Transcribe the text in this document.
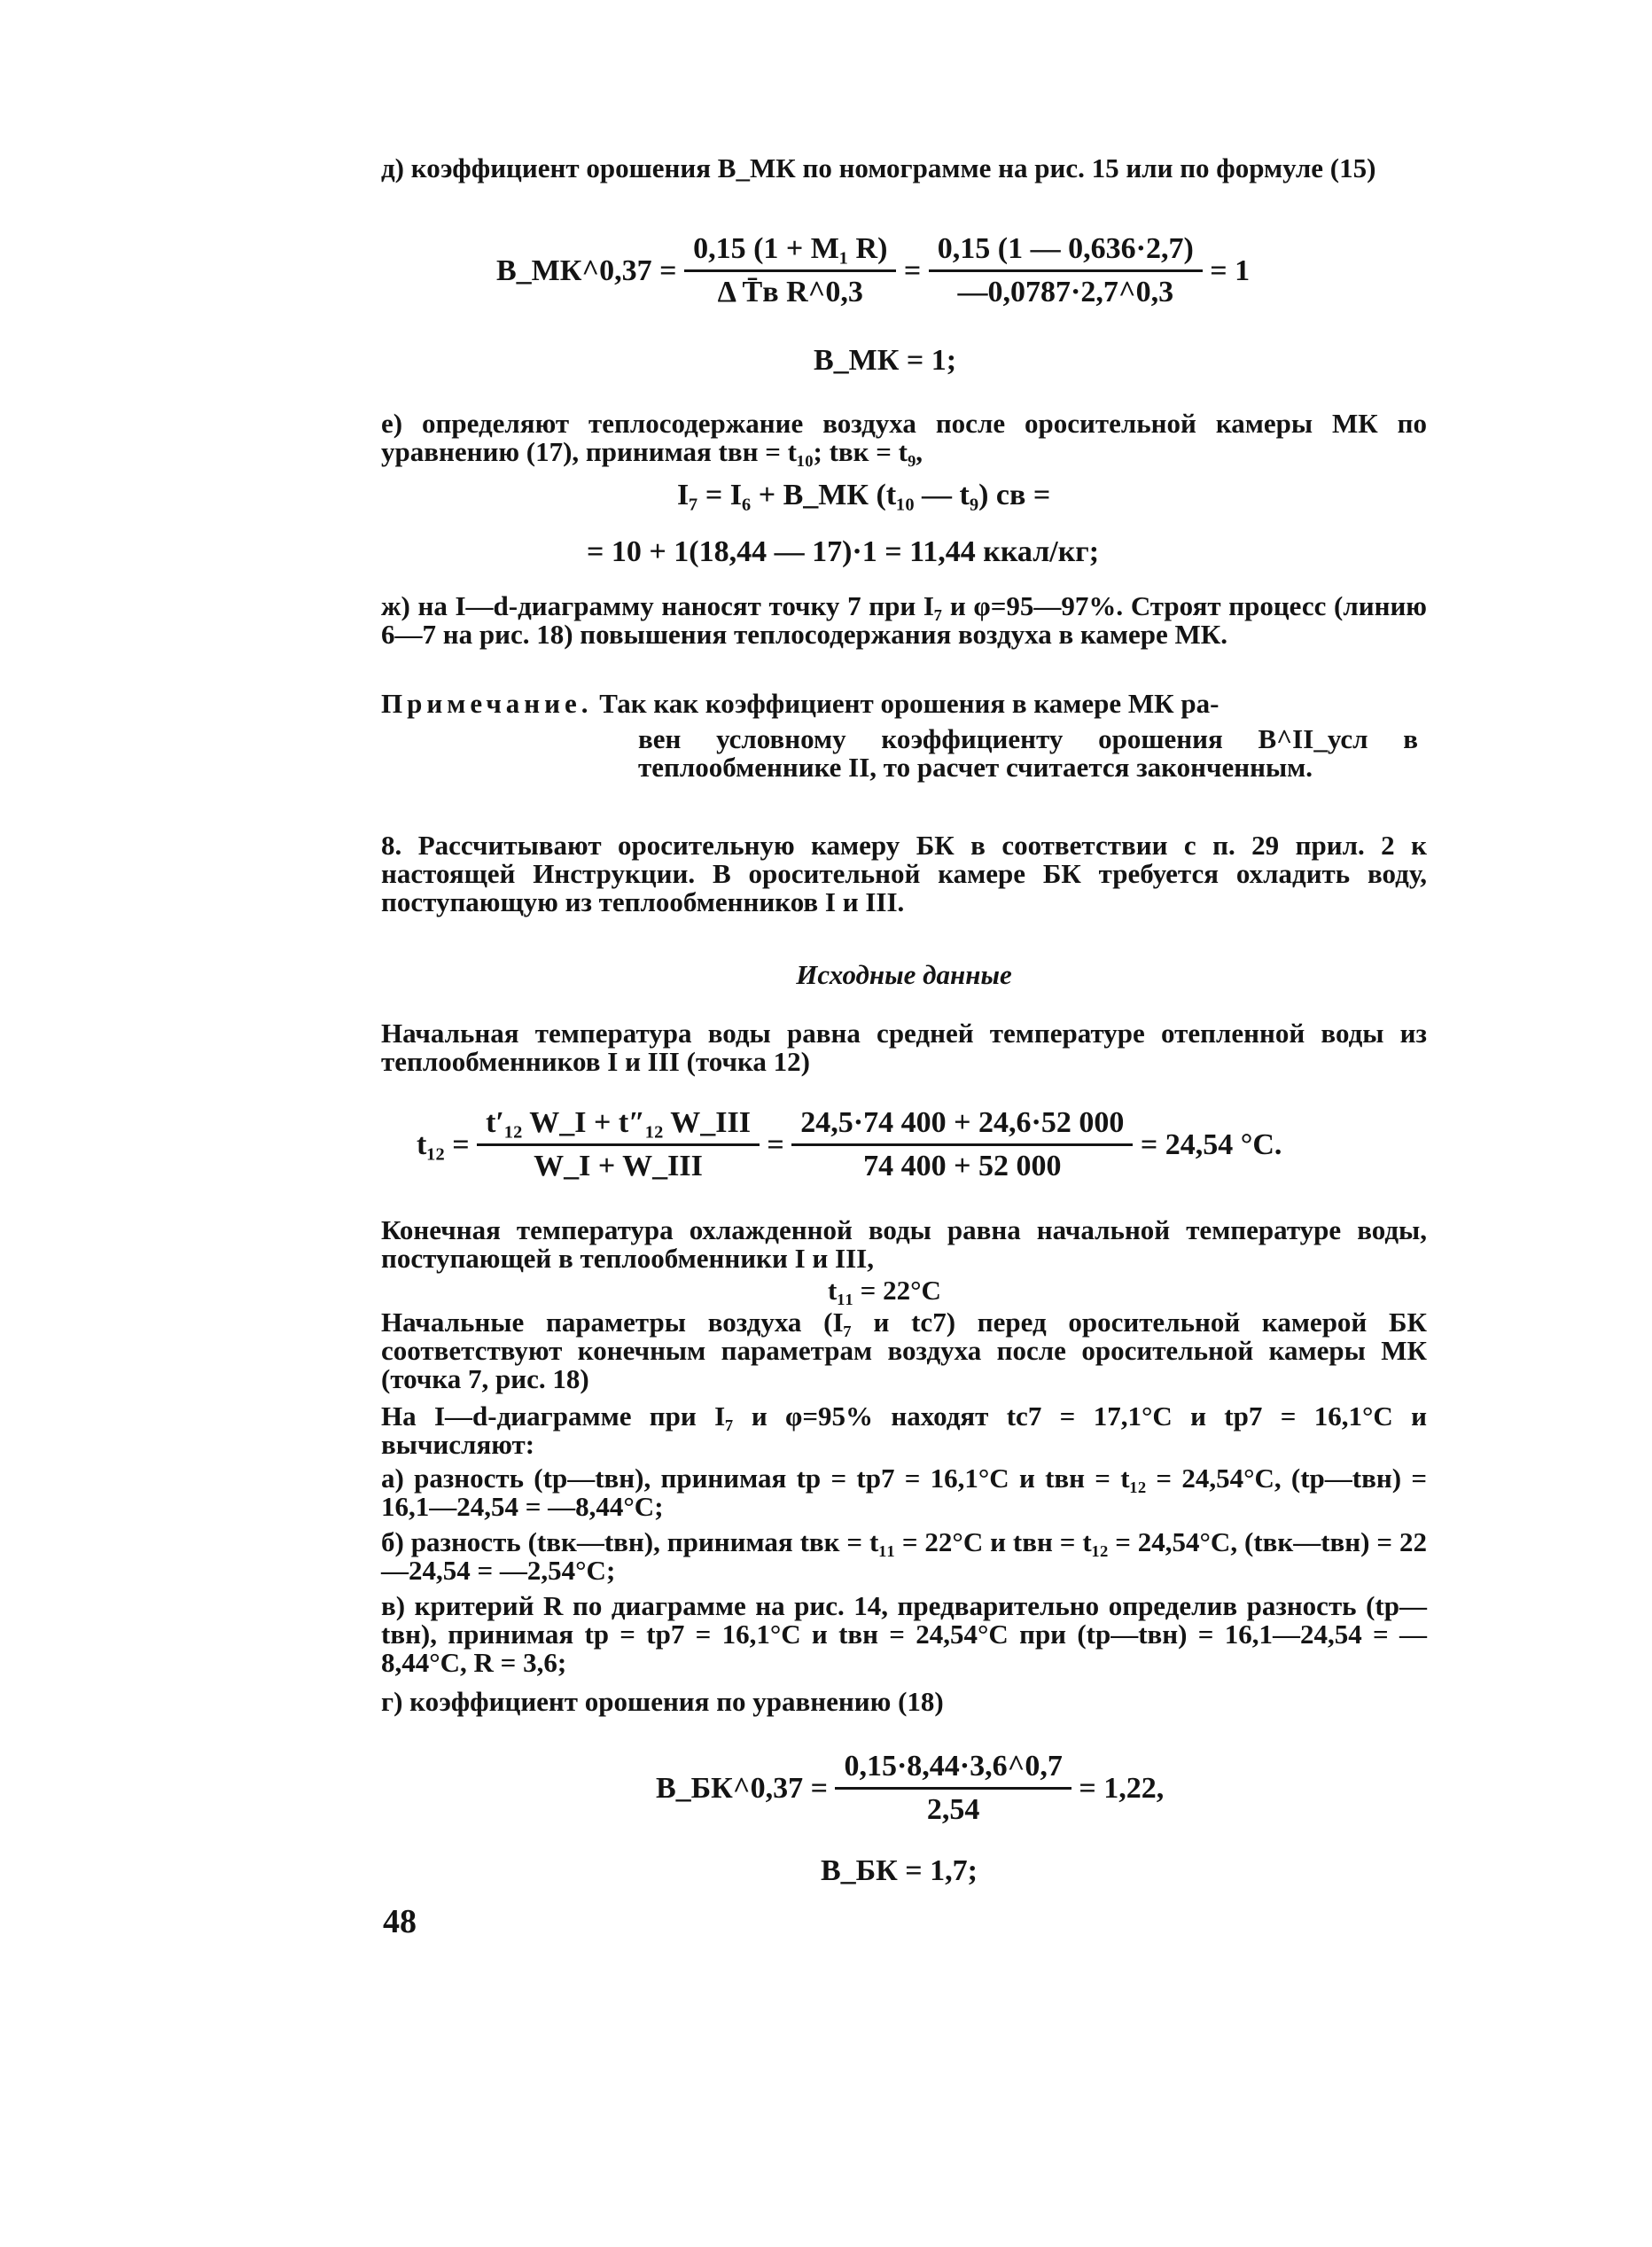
д) коэффициент орошения B_МК по номограмме на рис. 15 или по формуле (15)
B_МК^0,37 = $\frac{\text{0,15 (1 + M₁ R)}}{\text{Δ T̄в R\textasciicircum{}0,3}} = \frac{0,15 (1 — 0,636\cdot 2,7)}{—0,0787\cdot 2,7\^{}0,3} = 1$
B_МК = 1;
е) определяют теплосодержание воздуха после оросительной камеры МК по уравнению (17), принимая tвн = t₁₀; tвк = t₉,
I₇ = I₆ + B_МК (t₁₀ — t₉) cв =
= 10 + 1(18,44 — 17)·1 = 11,44 ккал/кг;
ж) на I—d-диаграмму наносят точку 7 при I₇ и φ=95—97%. Строят процесс (линию 6—7 на рис. 18) повышения теплосодержания воздуха в камере МК.
Примечание. Так как коэффициент орошения в камере МК ра-
вен условному коэффициенту орошения B^II_усл в теплообменнике II, то расчет считается законченным.
8. Рассчитывают оросительную камеру БК в соответствии с п. 29 прил. 2 к настоящей Инструкции. В оросительной камере БК требуется охладить воду, поступающую из теплообменников I и III.
Исходные данные
Начальная температура воды равна средней температуре отепленной воды из теплообменников I и III (точка 12)
$t_{12} = \frac{\text{t′₁₂ W\_I + t″₁₂ W\_III}}{\text{W\_I + W\_III}} = \frac{24,5\cdot 74 400 + 24,6\cdot 52 000}{74 400 + 52 000} = 24,54$ °C.
Конечная температура охлажденной воды равна начальной температуре воды, поступающей в теплообменники I и III,
t₁₁ = 22°C
Начальные параметры воздуха (I₇ и tс7) перед оросительной камерой БК соответствуют конечным параметрам воздуха после оросительной камеры МК (точка 7, рис. 18)
На I—d-диаграмме при I₇ и φ=95% находят tс7 = 17,1°C и tр7 = 16,1°C и вычисляют:
а) разность (tр—tвн), принимая tр = tр7 = 16,1°C и tвн = t₁₂ = 24,54°C, (tр—tвн) = 16,1—24,54 = —8,44°C;
б) разность (tвк—tвн), принимая tвк = t₁₁ = 22°C и tвн = t₁₂ = 24,54°C, (tвк—tвн) = 22—24,54 = —2,54°C;
в) критерий R по диаграмме на рис. 14, предварительно определив разность (tр—tвн), принимая tр = tр7 = 16,1°C и tвн = 24,54°C при (tр—tвн) = 16,1—24,54 = —8,44°C, R = 3,6;
г) коэффициент орошения по уравнению (18)
B_БК^0,37 = $\frac{0,15\cdot 8,44\cdot 3,6\^{}0,7}{2,54} = 1,22$,
B_БК = 1,7;
48
